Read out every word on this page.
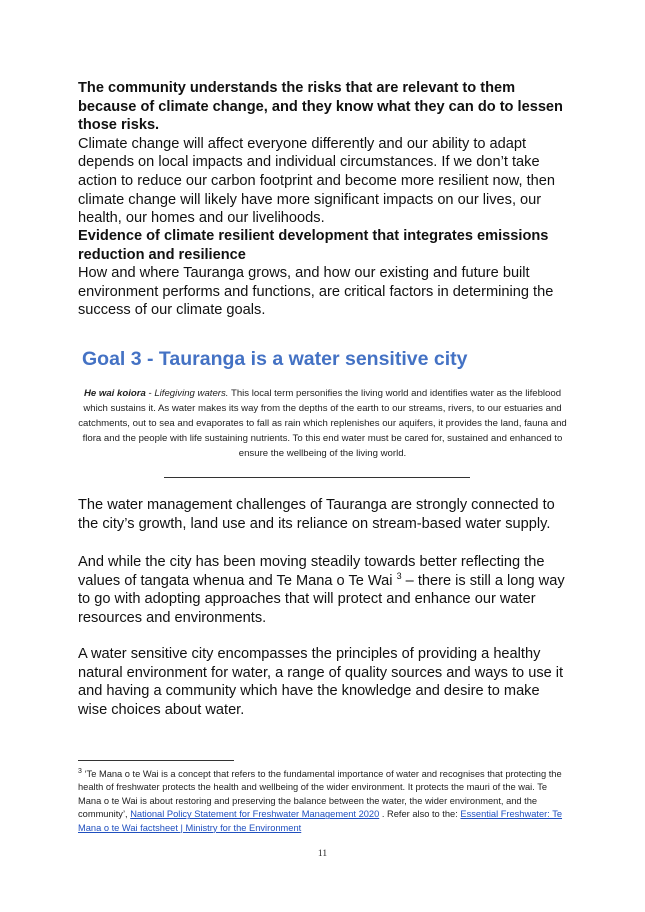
The community understands the risks that are relevant to them because of climate change, and they know what they can do to lessen those risks.

Climate change will affect everyone differently and our ability to adapt depends on local impacts and individual circumstances. If we don’t take action to reduce our carbon footprint and become more resilient now, then climate change will likely have more significant impacts on our lives, our health, our homes and our livelihoods.

Evidence of climate resilient development that integrates emissions reduction and resilience

How and where Tauranga grows, and how our existing and future built environment performs and functions, are critical factors in determining the success of our climate goals.

Goal 3 - Tauranga is a water sensitive city
He wai koiora - Lifegiving waters. This local term personifies the living world and identifies water as the lifeblood which sustains it. As water makes its way from the depths of the earth to our streams, rivers, to our estuaries and catchments, out to sea and evaporates to fall as rain which replenishes our aquifers, it provides the land, fauna and flora and the people with life sustaining nutrients. To this end water must be cared for, sustained and enhanced to ensure the wellbeing of the living world.

The water management challenges of Tauranga are strongly connected to the city’s growth, land use and its reliance on stream-based water supply.

And while the city has been moving steadily towards better reflecting the values of tangata whenua and Te Mana o Te Wai $^3$ – there is still a long way to go with adopting approaches that will protect and enhance our water resources and environments.

A water sensitive city encompasses the principles of providing a healthy natural environment for water, a range of quality sources and ways to use it and having a community which have the knowledge and desire to make wise choices about water.

$^3$ ‘Te Mana o te Wai is a concept that refers to the fundamental importance of water and recognises that protecting the health of freshwater protects the health and wellbeing of the wider environment. It protects the mauri of the wai. Te Mana o te Wai is about restoring and preserving the balance between the water, the wider environment, and the community’, National Policy Statement for Freshwater Management 2020 . Refer also to the: Essential Freshwater: Te Mana o te Wai factsheet | Ministry for the Environment
11
